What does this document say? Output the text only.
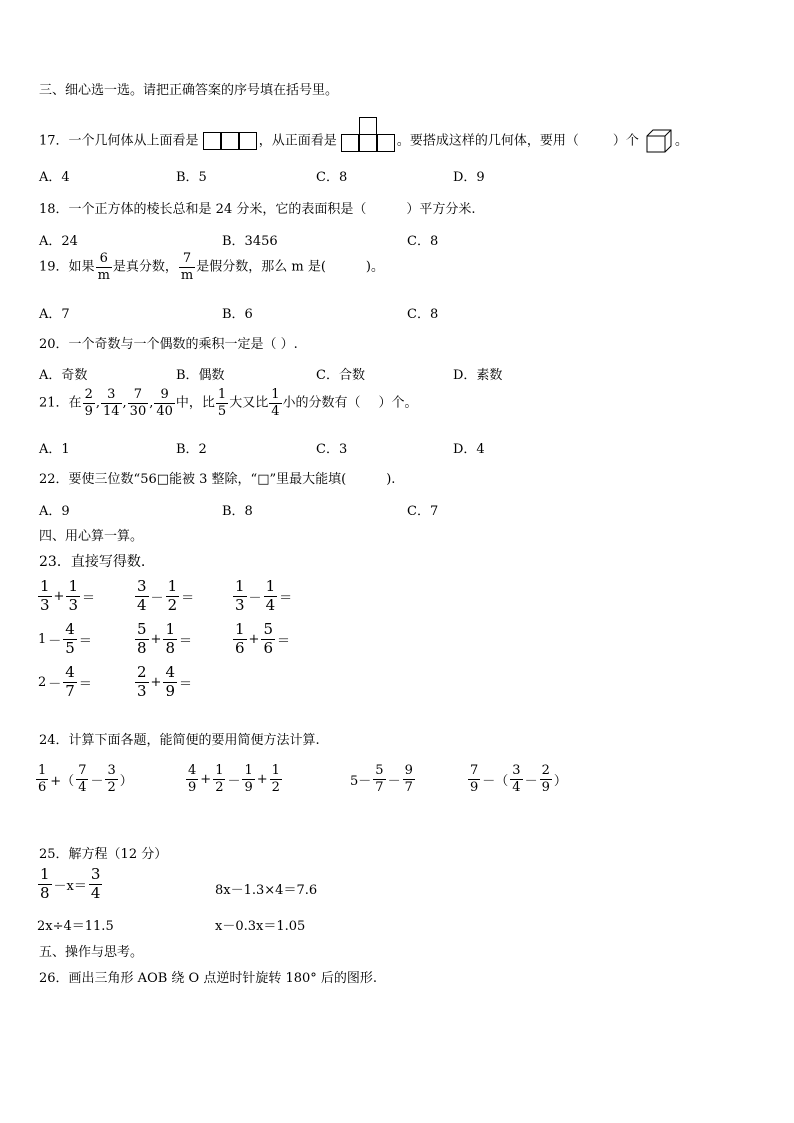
三、细心选一选。请把正确答案的序号填在括号里。
17．一个几何体从上面看是	，从正面看是	。要搭成这样的几何体，要用（	）个	。
A．4	B．5	C．8	D．9
18．一个正方体的棱长总和是 24 分米，它的表面积是（	）平方分米.
A．24	B．3456	C．8
19．如果 $\frac{6}{m}$ 是真分数， $\frac{7}{m}$ 是假分数，那么 m 是(	)。
A．7	B．6	C．8
20．一个奇数与一个偶数的乘积一定是（ ）.
A．奇数	B．偶数	C．合数	D．素数
21．在 $\frac{2}{9}$ , $\frac{3}{14}$ , $\frac{7}{30}$ , $\frac{9}{40}$ 中，比 $\frac{1}{5}$ 大又比 $\frac{1}{4}$ 小的分数有（ ）个。
A．1	B．2	C．3	D．4
22．要使三位数“56□能被 3 整除，“□”里最大能填(	).
A．9	B．8	C．7
四、用心算一算。
23．直接写得数.
$\frac{1}{3} + \frac{1}{3}$ ＝	$\frac{3}{4} - \frac{1}{2}$ ＝	$\frac{1}{3} - \frac{1}{4}$ ＝
$1 - \frac{4}{5}$ ＝	$\frac{5}{8} + \frac{1}{8}$ ＝	$\frac{1}{6} + \frac{5}{6}$ ＝
$2 - \frac{4}{7}$ ＝	$\frac{2}{3} + \frac{4}{9}$ ＝
24．计算下面各题，能简便的要用简便方法计算.
$\frac{1}{6}$ +（ $\frac{7}{4} - \frac{3}{2}$ ）	$\frac{4}{9} + \frac{1}{2} - \frac{1}{9} + \frac{1}{2}$	$5- \frac{5}{7} - \frac{9}{7}$	$\frac{7}{9}$ －（ $\frac{3}{4} - \frac{2}{9}$ ）
25．解方程（12 分）
$\frac{1}{8} -x= \frac{3}{4}$	8x－1.3×4＝7.6
2x÷4＝11.5	x－0.3x＝1.05
五、操作与思考。
26．画出三角形 AOB 绕 O 点逆时针旋转 180° 后的图形.
